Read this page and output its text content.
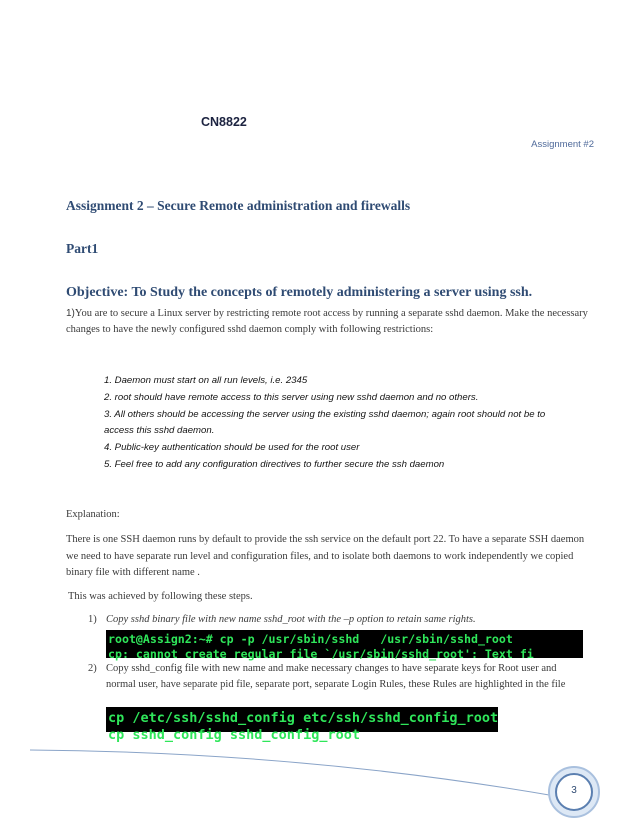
CN8822

Assignment #2

Assignment 2 – Secure Remote administration and firewalls
Part1
Objective: To Study the concepts of remotely administering a server using ssh.

1)You are to secure a Linux server by restricting remote root access by running a separate sshd daemon. Make the necessary changes to have the newly configured sshd daemon comply with following restrictions:

1. Daemon must start on all run levels, i.e. 2345
2. root should have remote access to this server using new sshd daemon and no others.
3. All others should be accessing the server using the existing sshd daemon; again root should not be to
access this sshd daemon.
4. Public-key authentication should be used for the root user
5. Feel free to add any configuration directives to further secure the ssh daemon

Explanation:

There is one SSH daemon runs by default to provide the ssh service on the default port 22. To have a separate SSH daemon we need to have separate run level and configuration files, and to isolate both daemons to work independently we copied binary file with different name .

This was achieved by following these steps.

1) Copy sshd binary file with new name sshd_root with the –p option to retain same rights.
2) Copy sshd_config file with new name and make necessary changes to have separate keys for Root user and normal user, have separate pid file, separate port, separate Login Rules, these Rules are highlighted in the file

root@Assign2:~# cp -p /usr/sbin/sshd   /usr/sbin/sshd_root

cp: cannot create regular file `/usr/sbin/sshd_root': Text fi

cp /etc/ssh/sshd_config etc/ssh/sshd_config_root

cp sshd_config sshd_config_root

3
